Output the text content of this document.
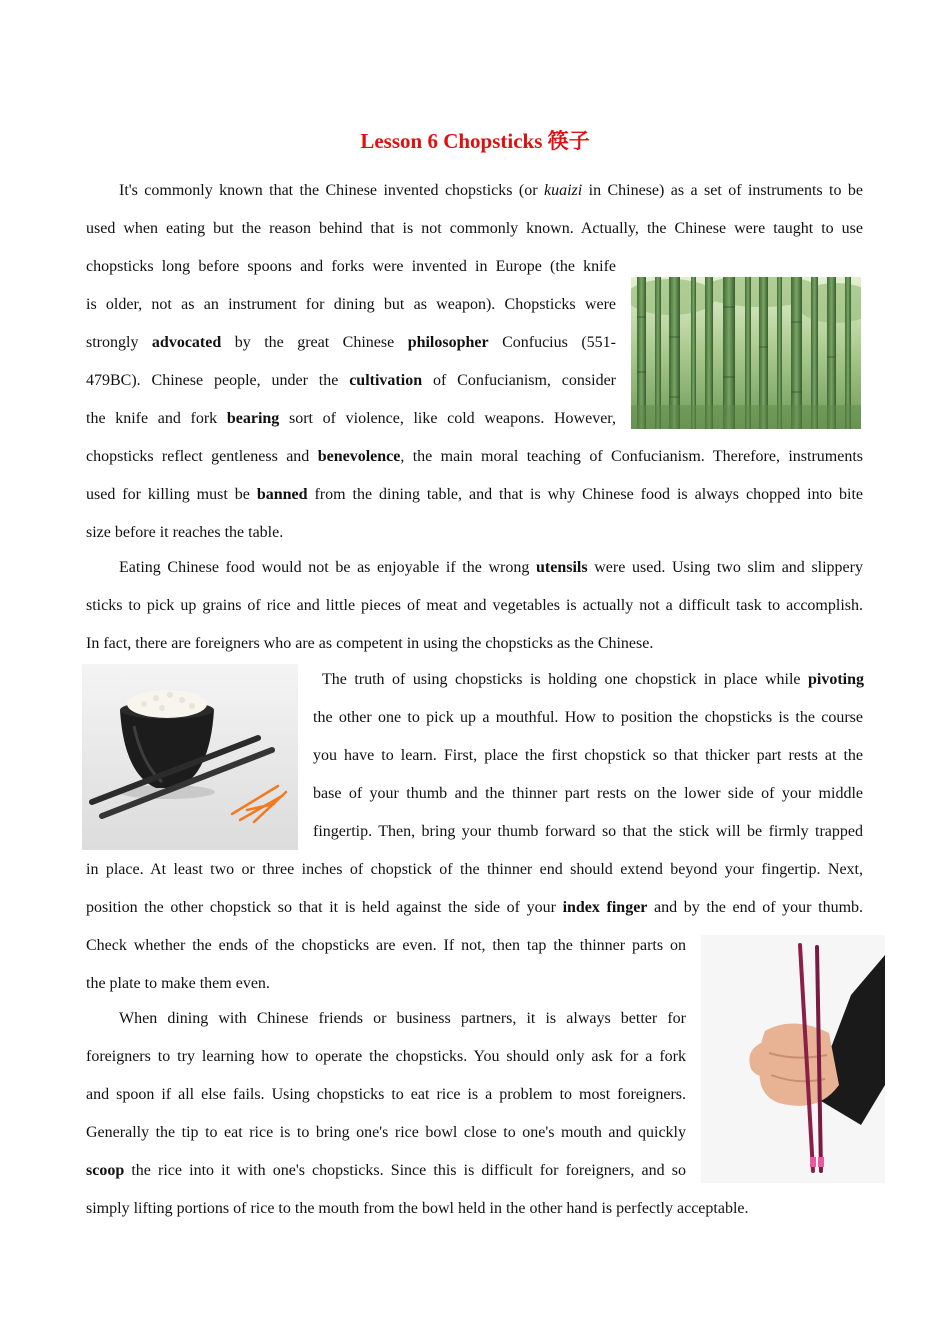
Lesson 6 Chopsticks 筷子
It's commonly known that the Chinese invented chopsticks (or kuaizi in Chinese) as a set of instruments to be
used when eating but the reason behind that is not commonly known. Actually, the Chinese were taught to use
chopsticks long before spoons and forks were invented in Europe (the knife
is older, not as an instrument for dining but as weapon). Chopsticks were
strongly advocated by the great Chinese philosopher Confucius (551-
479BC). Chinese people, under the cultivation of Confucianism, consider
the knife and fork bearing sort of violence, like cold weapons. However,
chopsticks reflect gentleness and benevolence, the main moral teaching of Confucianism. Therefore, instruments
used for killing must be banned from the dining table, and that is why Chinese food is always chopped into bite
size before it reaches the table.
Eating Chinese food would not be as enjoyable if the wrong utensils were used. Using two slim and slippery
sticks to pick up grains of rice and little pieces of meat and vegetables is actually not a difficult task to accomplish.
In fact, there are foreigners who are as competent in using the chopsticks as the Chinese.
The truth of using chopsticks is holding one chopstick in place while pivoting
the other one to pick up a mouthful. How to position the chopsticks is the course
you have to learn. First, place the first chopstick so that thicker part rests at the
base of your thumb and the thinner part rests on the lower side of your middle
fingertip. Then, bring your thumb forward so that the stick will be firmly trapped
in place. At least two or three inches of chopstick of the thinner end should extend beyond your fingertip. Next,
position the other chopstick so that it is held against the side of your index finger and by the end of your thumb.
Check whether the ends of the chopsticks are even. If not, then tap the thinner parts on
the plate to make them even.
When dining with Chinese friends or business partners, it is always better for
foreigners to try learning how to operate the chopsticks. You should only ask for a fork
and spoon if all else fails. Using chopsticks to eat rice is a problem to most foreigners.
Generally the tip to eat rice is to bring one's rice bowl close to one's mouth and quickly
scoop the rice into it with one's chopsticks. Since this is difficult for foreigners, and so
simply lifting portions of rice to the mouth from the bowl held in the other hand is perfectly acceptable.
